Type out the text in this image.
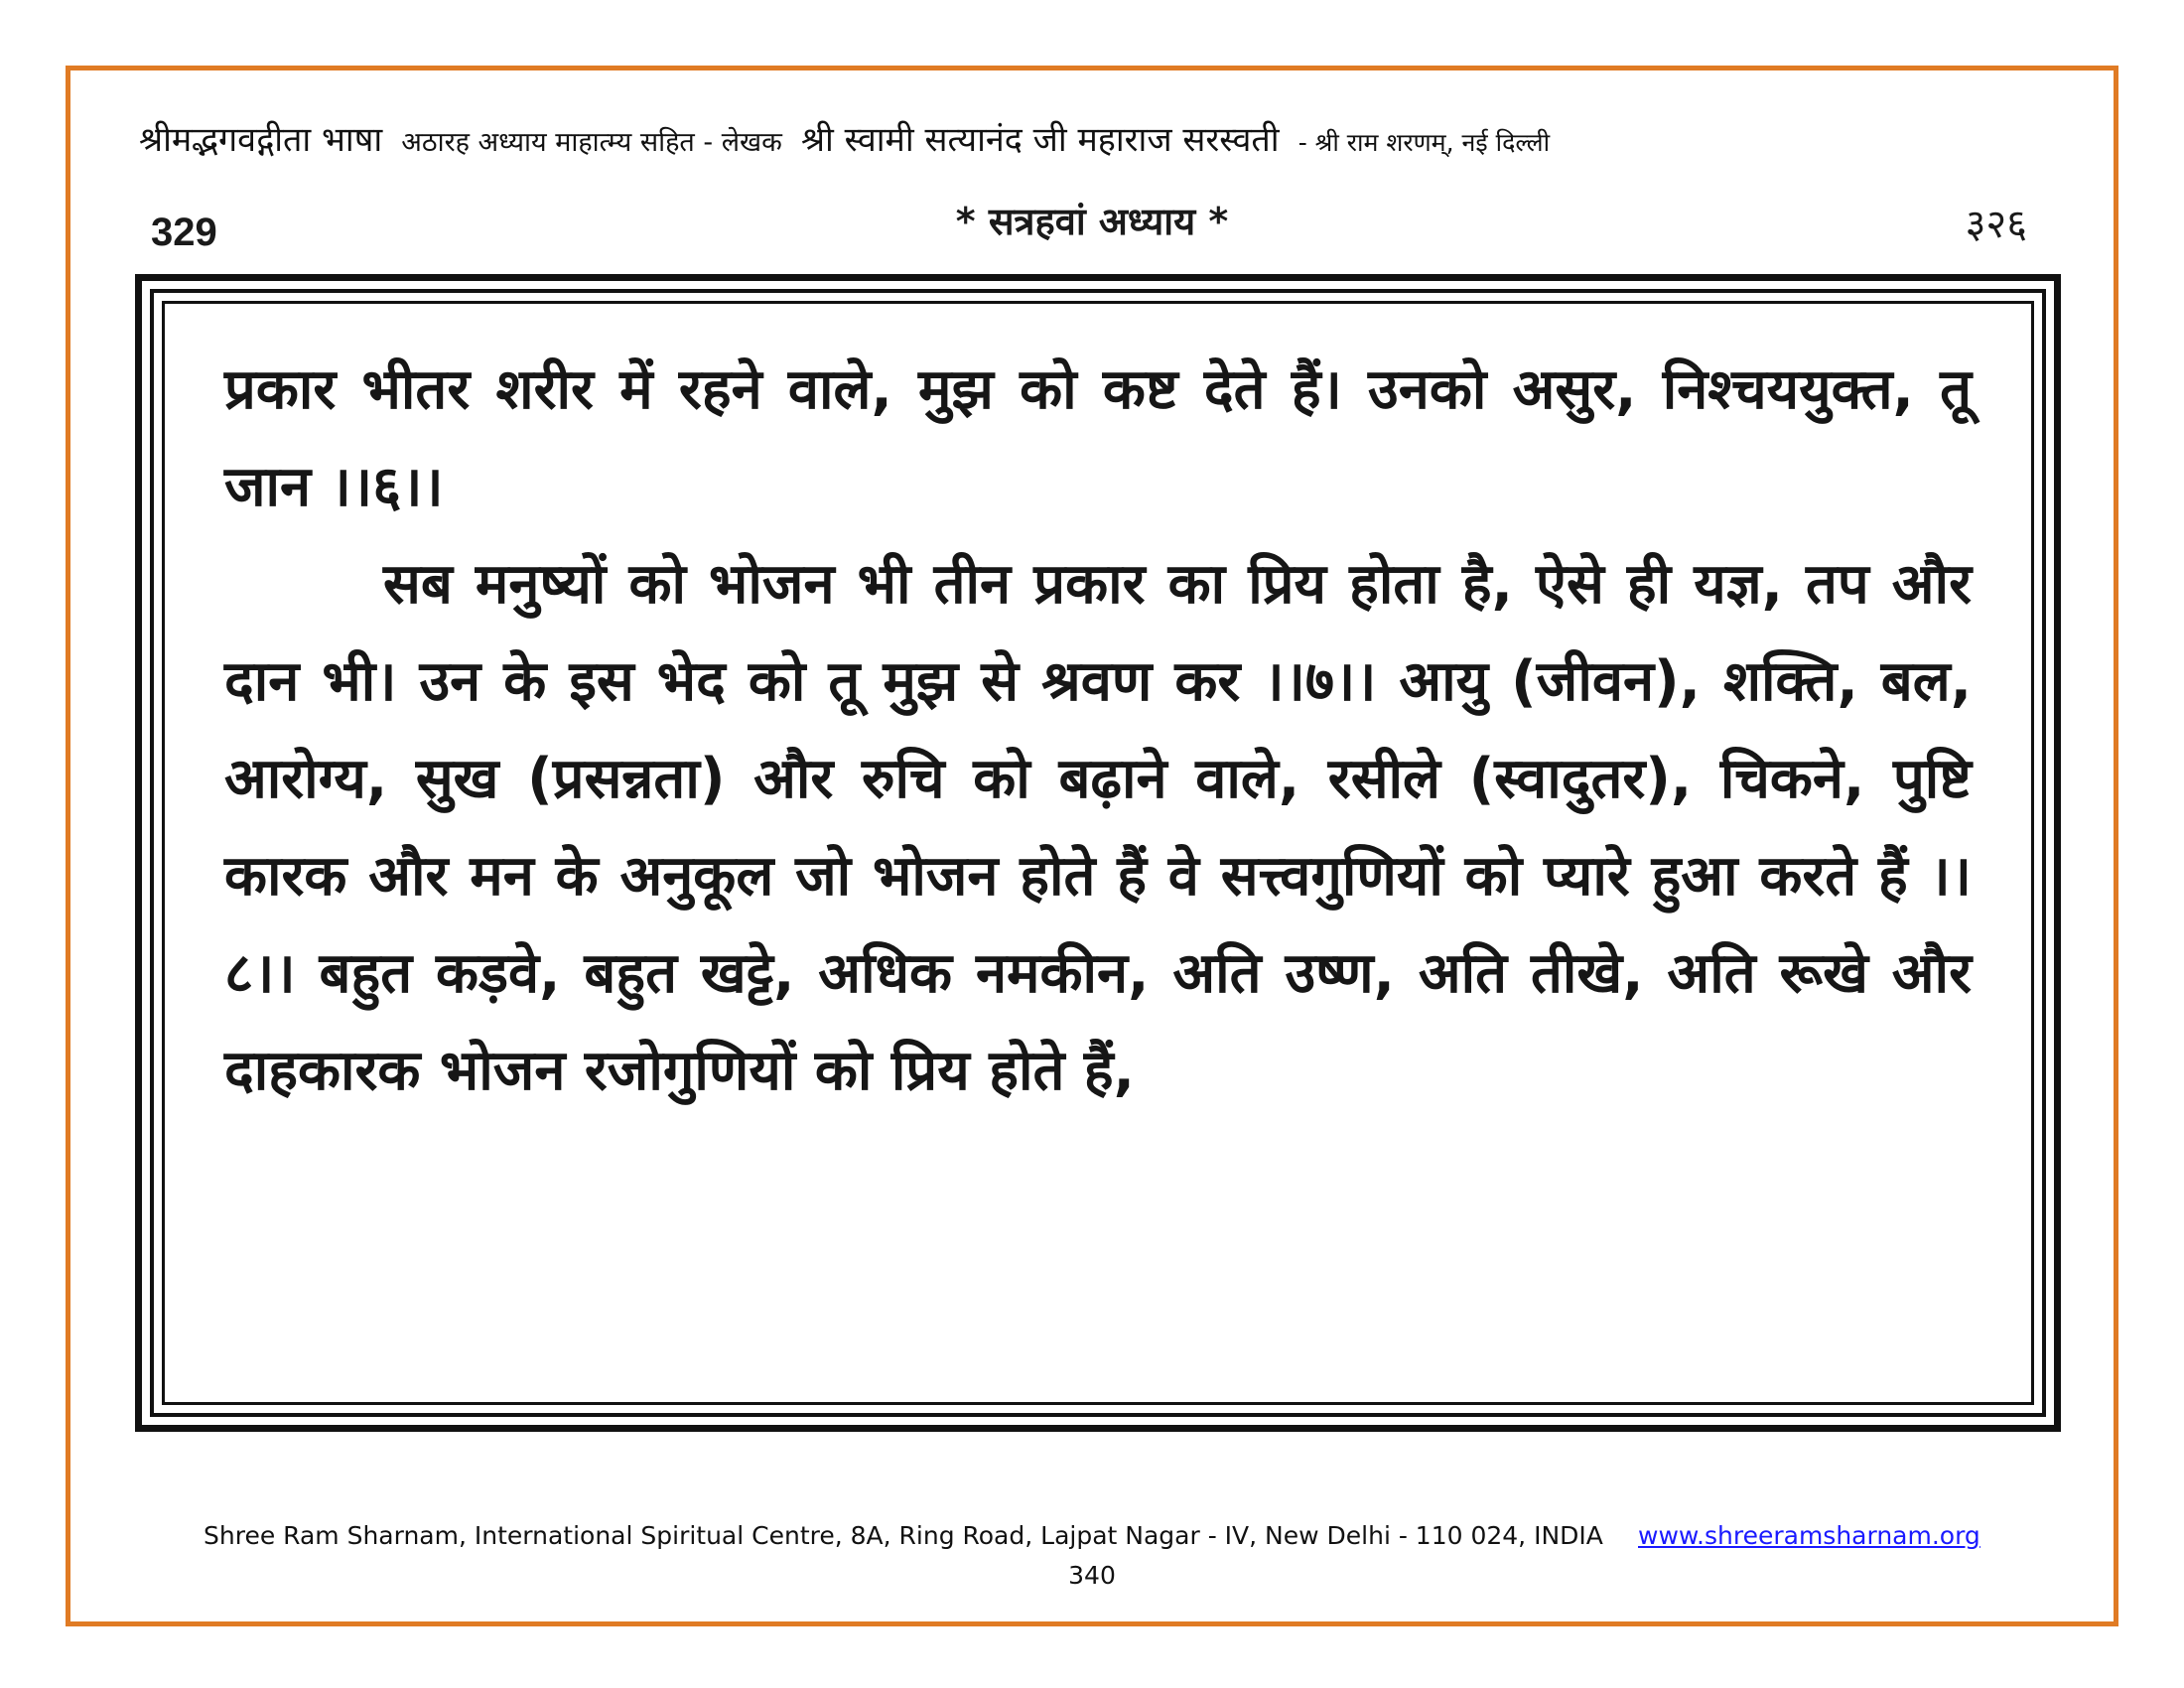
श्रीमद्भगवद्गीता भाषा अठारह अध्याय माहात्म्य सहित - लेखक श्री स्वामी सत्यानंद जी महाराज सरस्वती - श्री राम शरणम्, नई दिल्ली
329	* सत्रहवां अध्याय *	३२६

प्रकार भीतर शरीर में रहने वाले, मुझ को कष्ट देते हैं। उनको असुर, निश्चययुक्त, तू जान ।।६।।

सब मनुष्यों को भोजन भी तीन प्रकार का प्रिय होता है, ऐसे ही यज्ञ, तप और दान भी। उन के इस भेद को तू मुझ से श्रवण कर ।।७।। आयु (जीवन), शक्ति, बल, आरोग्य, सुख (प्रसन्नता) और रुचि को बढ़ाने वाले, रसीले (स्वादुतर), चिकने, पुष्टि कारक और मन के अनुकूल जो भोजन होते हैं वे सत्त्वगुणियों को प्यारे हुआ करते हैं ।।८।। बहुत कड़वे, बहुत खट्टे, अधिक नमकीन, अति उष्ण, अति तीखे, अति रूखे और दाहकारक भोजन रजोगुणियों को प्रिय होते हैं,

Shree Ram Sharnam, International Spiritual Centre, 8A, Ring Road, Lajpat Nagar - IV, New Delhi - 110 024, INDIA www.shreeramsharnam.org
340
